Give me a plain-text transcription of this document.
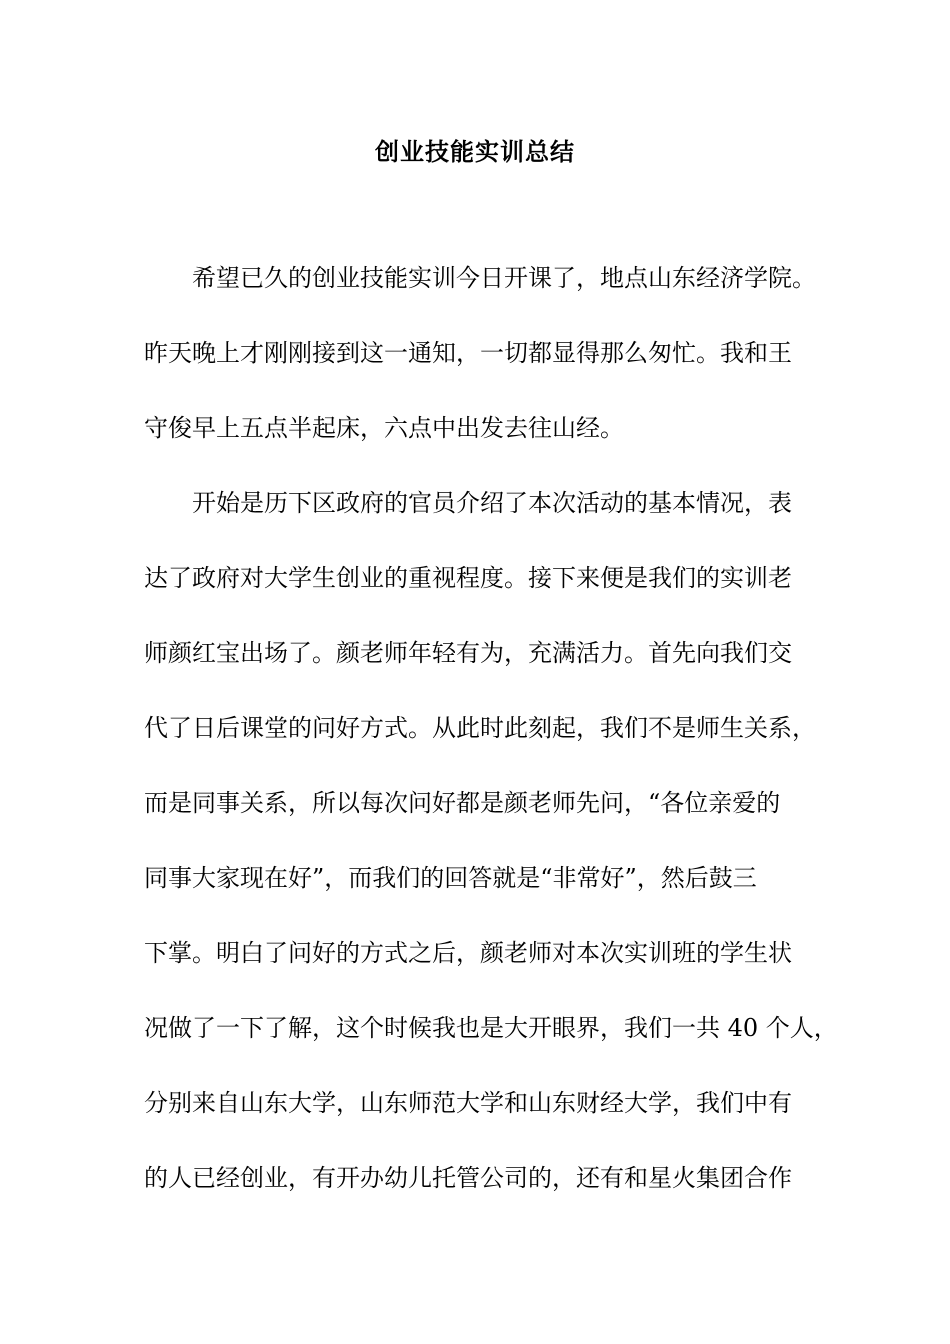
创业技能实训总结

希望已久的创业技能实训今日开课了，地点山东经济学院。

昨天晚上才刚刚接到这一通知，一切都显得那么匆忙。我和王

守俊早上五点半起床，六点中出发去往山经。

开始是历下区政府的官员介绍了本次活动的基本情况，表

达了政府对大学生创业的重视程度。接下来便是我们的实训老

师颜红宝出场了。颜老师年轻有为，充满活力。首先向我们交

代了日后课堂的问好方式。从此时此刻起，我们不是师生关系，

而是同事关系，所以每次问好都是颜老师先问，“各位亲爱的

同事大家现在好”，而我们的回答就是“非常好”，然后鼓三

下掌。明白了问好的方式之后，颜老师对本次实训班的学生状

况做了一下了解，这个时候我也是大开眼界，我们一共 40 个人，

分别来自山东大学，山东师范大学和山东财经大学，我们中有

的人已经创业，有开办幼儿托管公司的，还有和星火集团合作
